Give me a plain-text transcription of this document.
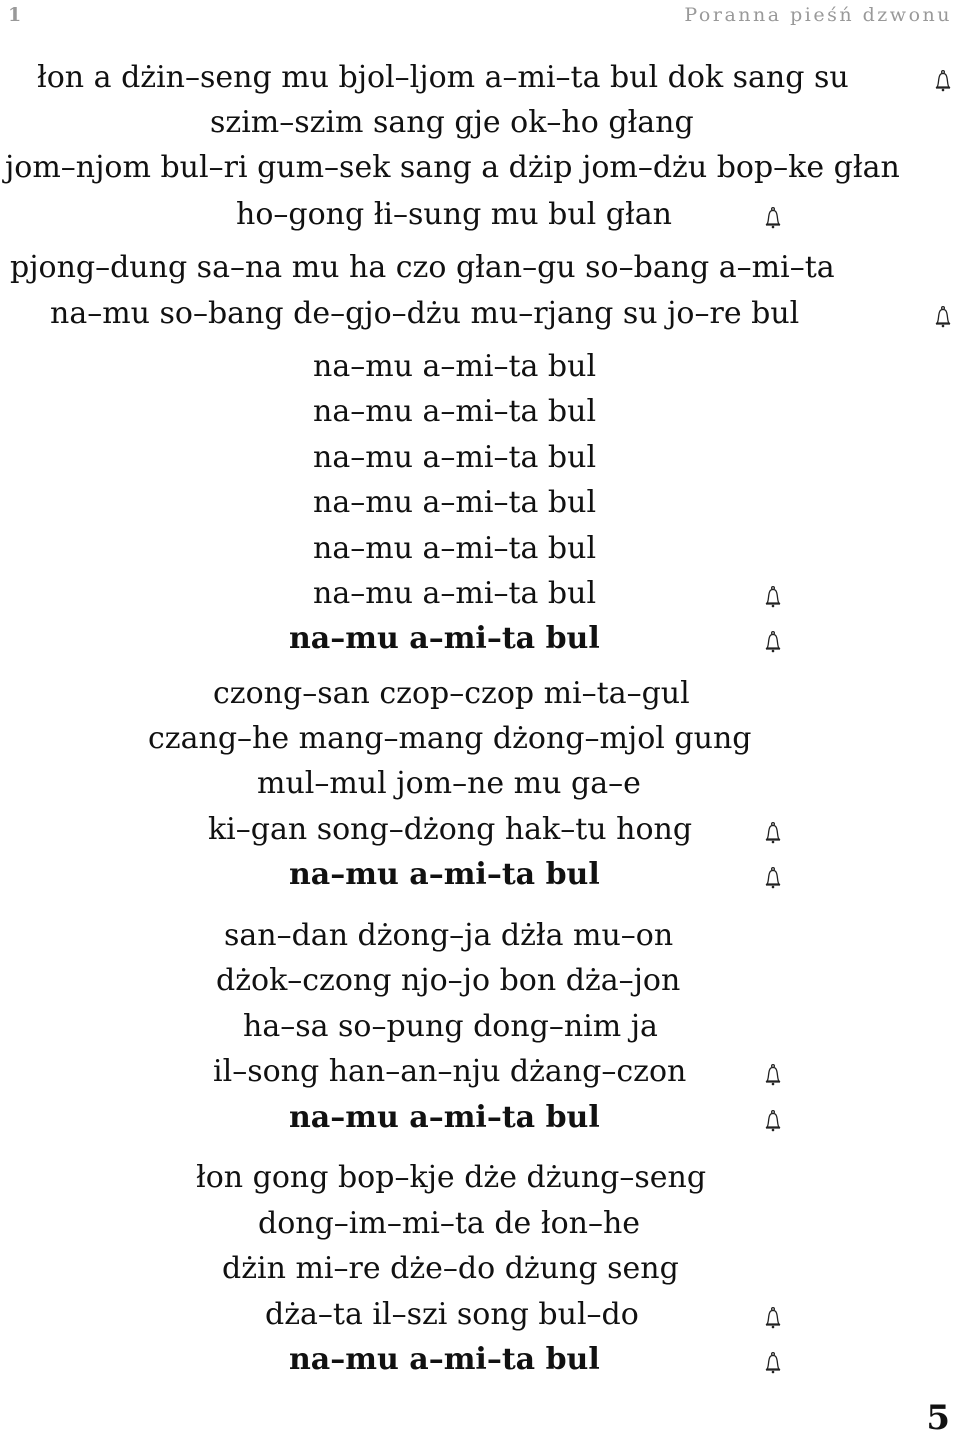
1	Poranna pieśń dzwonu
łon a dżin–seng mu bjol–ljom a–mi–ta bul dok sang su
szim–szim sang gje ok–ho głang
jom–njom bul–ri gum–sek sang a dżip jom–dżu bop–ke głan
ho–gong łi–sung mu bul głan
pjong–dung sa–na mu ha czo głan–gu so–bang a–mi–ta
na–mu so–bang de–gjo–dżu mu–rjang su jo–re bul
na–mu a–mi–ta bul
na–mu a–mi–ta bul
na–mu a–mi–ta bul
na–mu a–mi–ta bul
na–mu a–mi–ta bul
na–mu a–mi–ta bul
na–mu a–mi–ta bul
czong–san czop–czop mi–ta–gul
czang–he mang–mang dżong–mjol gung
mul–mul jom–ne mu ga–e
ki–gan song–dżong hak–tu hong
na–mu a–mi–ta bul
san–dan dżong–ja dżła mu–on
dżok–czong njo–jo bon dża–jon
ha–sa so–pung dong–nim ja
il–song han–an–nju dżang–czon
na–mu a–mi–ta bul
łon gong bop–kje dże dżung–seng
dong–im–mi–ta de łon–he
dżin mi–re dże–do dżung seng
dża–ta il–szi song bul–do
na–mu a–mi–ta bul
5
